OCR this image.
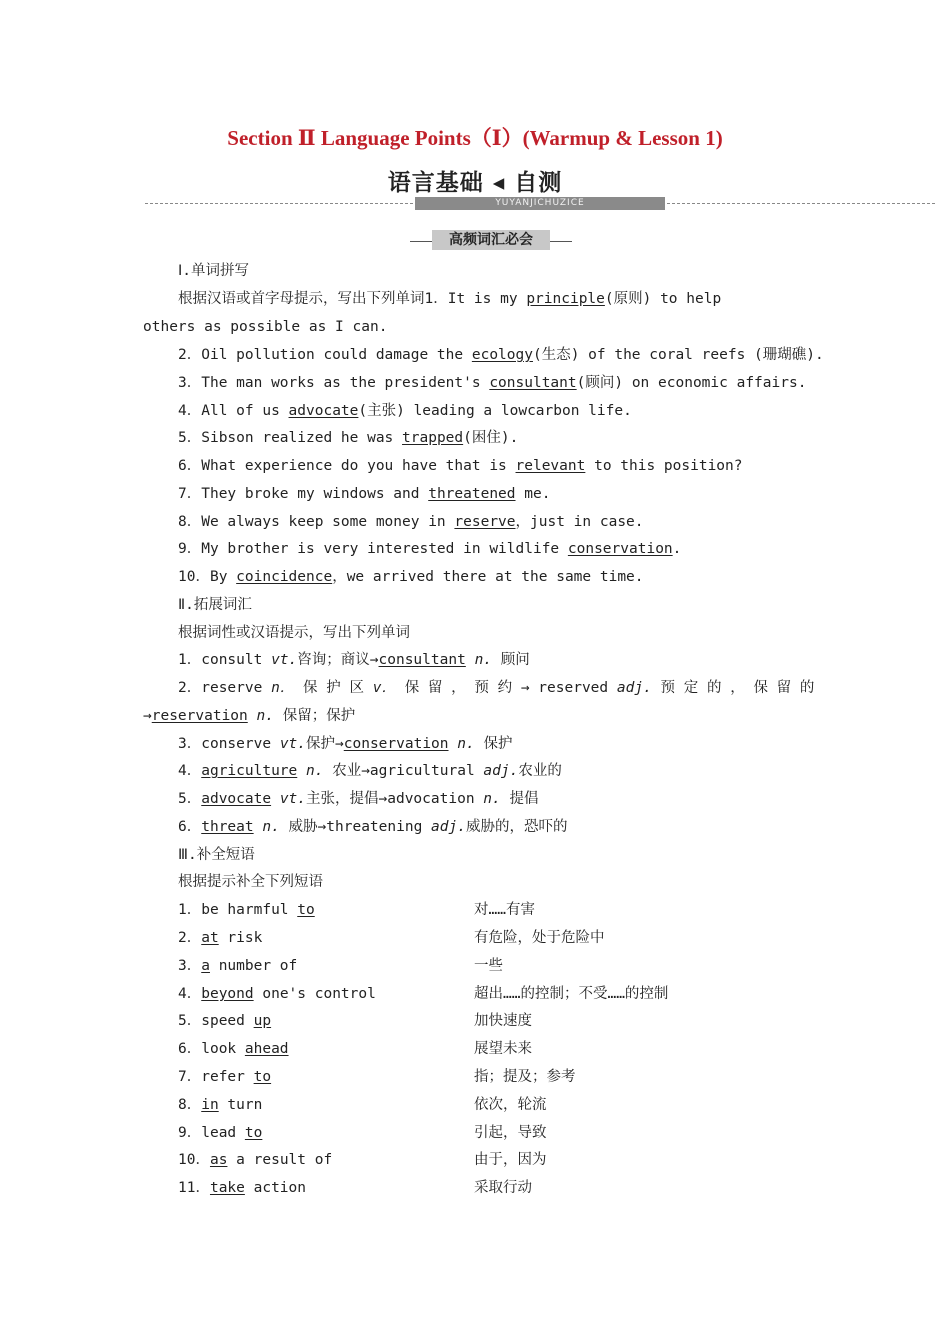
Section Ⅱ Language Points（Ⅰ）(Warmup & Lesson 1)
语言基础 ◂ 自测
YUYANJICHUZICE
高频词汇必会
Ⅰ.单词拼写
根据汉语或首字母提示，写出下列单词1．It is my principle(原则) to help
others as possible as I can.
2．Oil pollution could damage the ecology(生态) of the coral reefs (珊瑚礁).
3．The man works as the president's consultant(顾问) on economic affairs.
4．All of us advocate(主张) leading a lowcarbon life.
5．Sibson realized he was trapped(困住).
6．What experience do you have that is relevant to this position?
7．They broke my windows and threatened me.
8．We always keep some money in reserve，just in case.
9．My brother is very interested in wildlife conservation.
10．By coincidence，we arrived there at the same time.
Ⅱ.拓展词汇
根据词性或汉语提示，写出下列单词
1．consult vt.咨询；商议→consultant n. 顾问
2．reserve n． 保 护 区 v． 保 留 ， 预 约 → reserved adj. 预 定 的 ， 保 留 的
→reservation n. 保留；保护
3．conserve vt.保护→conservation n. 保护
4．agriculture n. 农业→agricultural adj.农业的
5．advocate vt.主张，提倡→advocation n. 提倡
6．threat n. 威胁→threatening adj.威胁的，恐吓的
Ⅲ.补全短语
根据提示补全下列短语
1．be harmful to	对……有害
2．at risk	有危险，处于危险中
3．a number of	一些
4．beyond one's control	超出……的控制；不受……的控制
5．speed up	加快速度
6．look ahead	展望未来
7．refer to	指；提及；参考
8．in turn	依次，轮流
9．lead to	引起，导致
10．as a result of	由于，因为
11．take action	采取行动
